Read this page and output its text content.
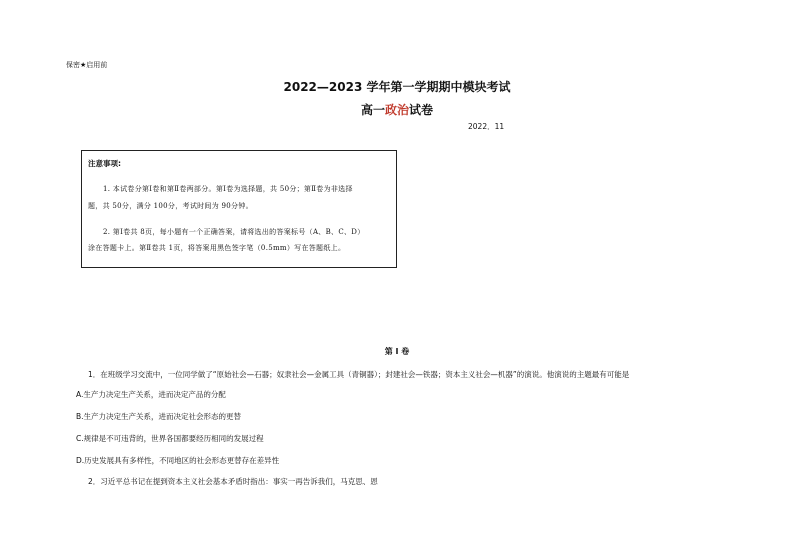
保密★启用前
2022—2023 学年第一学期期中模块考试
高一政治试卷
2022．11
注意事项:
1. 本试卷分第Ⅰ卷和第Ⅱ卷两部分。第Ⅰ卷为选择题，共 50分；第Ⅱ卷为非选择
题，共 50分，满分 100分，考试时间为 90分钟。
2. 第Ⅰ卷共 8页，每小题有一个正确答案，请将选出的答案标号（A、B、C、D）
涂在答题卡上。第Ⅱ卷共 1页，将答案用黑色签字笔（0.5mm）写在答题纸上。
第 I 卷
1．在班级学习交流中，一位同学做了“原始社会—石器；奴隶社会—金属工具（青铜器）；封建社会—铁器；资本主义社会—机器”的演说。他演说的主题最有可能是
A.生产力决定生产关系，进而决定产品的分配
B.生产力决定生产关系，进而决定社会形态的更替
C.规律是不可违背的，世界各国都要经历相同的发展过程
D.历史发展具有多样性，不同地区的社会形态更替存在差异性
2．习近平总书记在提到资本主义社会基本矛盾时指出：事实一再告诉我们，马克思、恩
